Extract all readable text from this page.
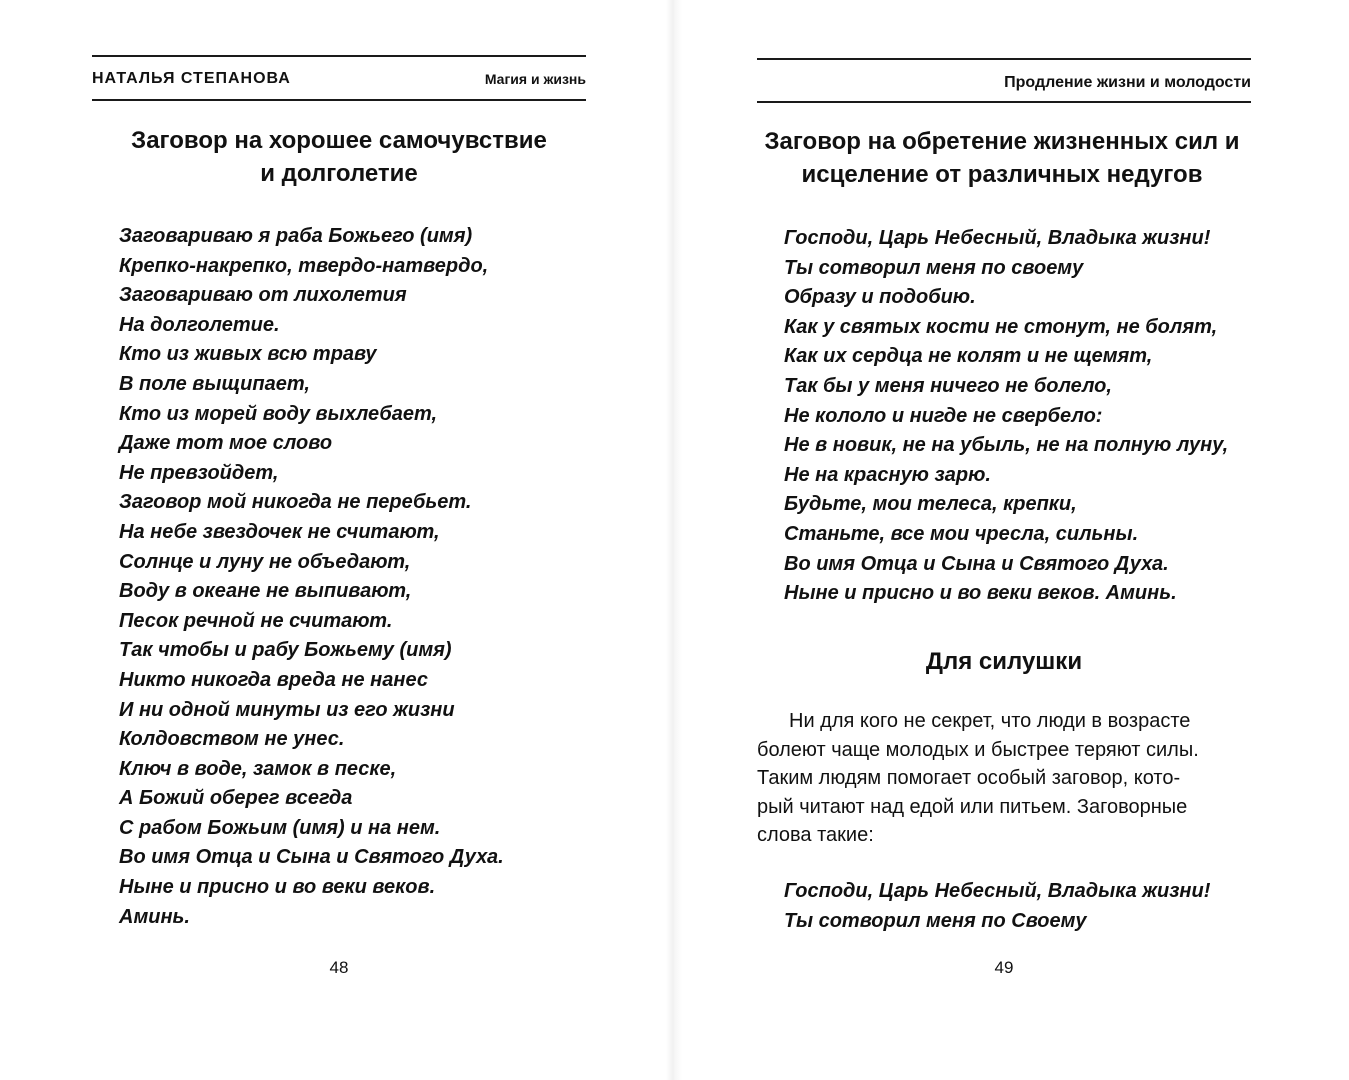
НАТАЛЬЯ СТЕПАНОВА	Магия и жизнь
Заговор на хорошее самочувствие
и долголетие
Заговариваю я раба Божьего (имя)
Крепко-накрепко, твердо-натвердо,
Заговариваю от лихолетия
На долголетие.
Кто из живых всю траву
В поле выщипает,
Кто из морей воду выхлебает,
Даже тот мое слово
Не превзойдет,
Заговор мой никогда не перебьет.
На небе звездочек не считают,
Солнце и луну не объедают,
Воду в океане не выпивают,
Песок речной не считают.
Так чтобы и рабу Божьему (имя)
Никто никогда вреда не нанес
И ни одной минуты из его жизни
Колдовством не унес.
Ключ в воде, замок в песке,
А Божий оберег всегда
С рабом Божьим (имя) и на нем.
Во имя Отца и Сына и Святого Духа.
Ныне и присно и во веки веков.
Аминь.
48
Продление жизни и молодости
Заговор на обретение жизненных сил и
исцеление от различных недугов
Господи, Царь Небесный, Владыка жизни!
Ты сотворил меня по своему
Образу и подобию.
Как у святых кости не стонут, не болят,
Как их сердца не колят и не щемят,
Так бы у меня ничего не болело,
Не кололо и нигде не свербело:
Не в новик, не на убыль, не на полную луну,
Не на красную зарю.
Будьте, мои телеса, крепки,
Станьте, все мои чресла, сильны.
Во имя Отца и Сына и Святого Духа.
Ныне и присно и во веки веков. Аминь.
Для силушки
Ни для кого не секрет, что люди в возрасте
болеют чаще молодых и быстрее теряют силы.
Таким людям помогает особый заговор, кото-
рый читают над едой или питьем. Заговорные
слова такие:
Господи, Царь Небесный, Владыка жизни!
Ты сотворил меня по Своему
49
